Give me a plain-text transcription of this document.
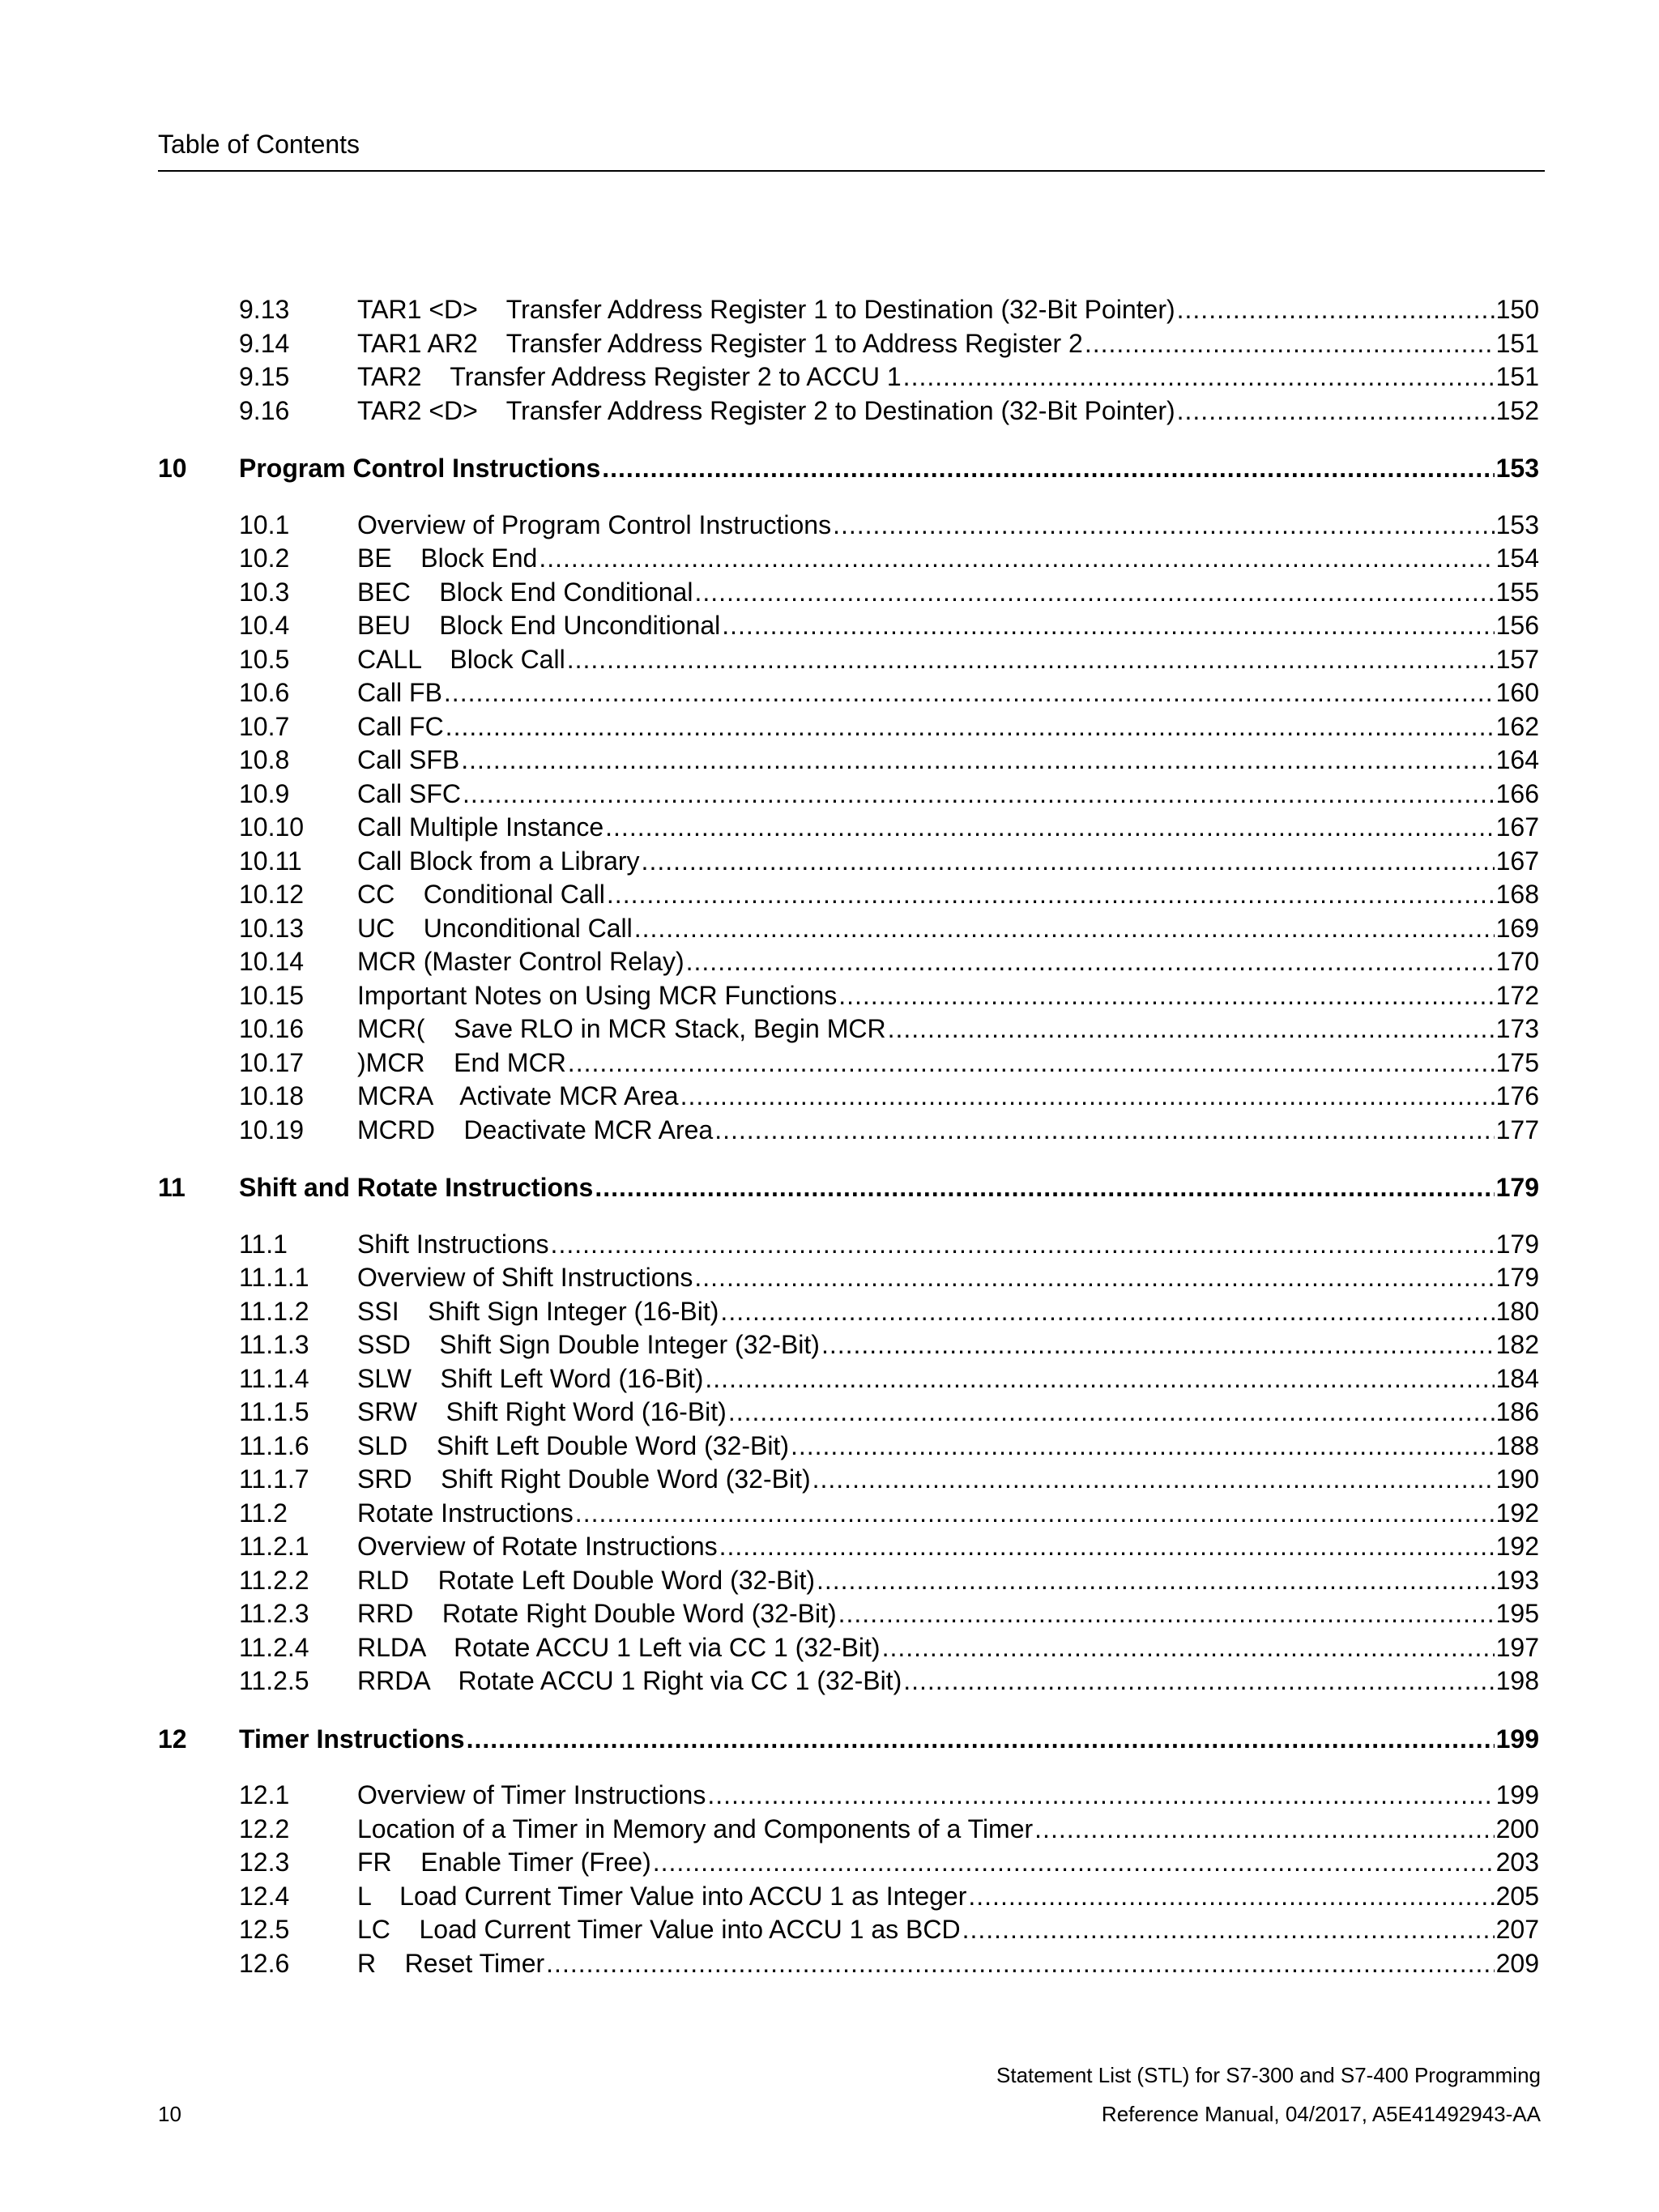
Table of Contents
9.13	TAR1 <D>    Transfer Address Register 1 to Destination (32-Bit Pointer) .....	150
9.14	TAR1 AR2    Transfer Address Register 1 to Address Register 2 .....	151
9.15	TAR2    Transfer Address Register 2 to ACCU 1 .....	151
9.16	TAR2 <D>    Transfer Address Register 2 to Destination (32-Bit Pointer) .....	152
10	Program Control Instructions .....	153
10.1	Overview of Program Control Instructions .....	153
10.2	BE    Block End .....	154
10.3	BEC    Block End Conditional .....	155
10.4	BEU    Block End Unconditional .....	156
10.5	CALL    Block Call .....	157
10.6	Call FB .....	160
10.7	Call FC .....	162
10.8	Call SFB .....	164
10.9	Call SFC .....	166
10.10	Call Multiple Instance .....	167
10.11	Call Block from a Library .....	167
10.12	CC    Conditional Call .....	168
10.13	UC    Unconditional Call .....	169
10.14	MCR (Master Control Relay) .....	170
10.15	Important Notes on Using MCR Functions .....	172
10.16	MCR(    Save RLO in MCR Stack, Begin MCR .....	173
10.17	)MCR    End MCR .....	175
10.18	MCRA    Activate MCR Area .....	176
10.19	MCRD    Deactivate MCR Area .....	177
11	Shift and Rotate Instructions .....	179
11.1	Shift Instructions .....	179
11.1.1	Overview of Shift Instructions .....	179
11.1.2	SSI    Shift Sign Integer (16-Bit) .....	180
11.1.3	SSD    Shift Sign Double Integer (32-Bit) .....	182
11.1.4	SLW    Shift Left Word (16-Bit) .....	184
11.1.5	SRW    Shift Right Word (16-Bit) .....	186
11.1.6	SLD    Shift Left Double Word (32-Bit) .....	188
11.1.7	SRD    Shift Right Double Word (32-Bit) .....	190
11.2	Rotate Instructions .....	192
11.2.1	Overview of Rotate Instructions .....	192
11.2.2	RLD    Rotate Left Double Word (32-Bit) .....	193
11.2.3	RRD    Rotate Right Double Word (32-Bit) .....	195
11.2.4	RLDA    Rotate ACCU 1 Left via CC 1 (32-Bit) .....	197
11.2.5	RRDA    Rotate ACCU 1 Right via CC 1 (32-Bit) .....	198
12	Timer Instructions .....	199
12.1	Overview of Timer Instructions .....	199
12.2	Location of a Timer in Memory and Components of a Timer .....	200
12.3	FR    Enable Timer (Free) .....	203
12.4	L    Load Current Timer Value into ACCU 1 as Integer .....	205
12.5	LC    Load Current Timer Value into ACCU 1 as BCD .....	207
12.6	R    Reset Timer .....	209
Statement List (STL) for S7-300 and S7-400 Programming
Reference Manual, 04/2017, A5E41492943-AA
10
